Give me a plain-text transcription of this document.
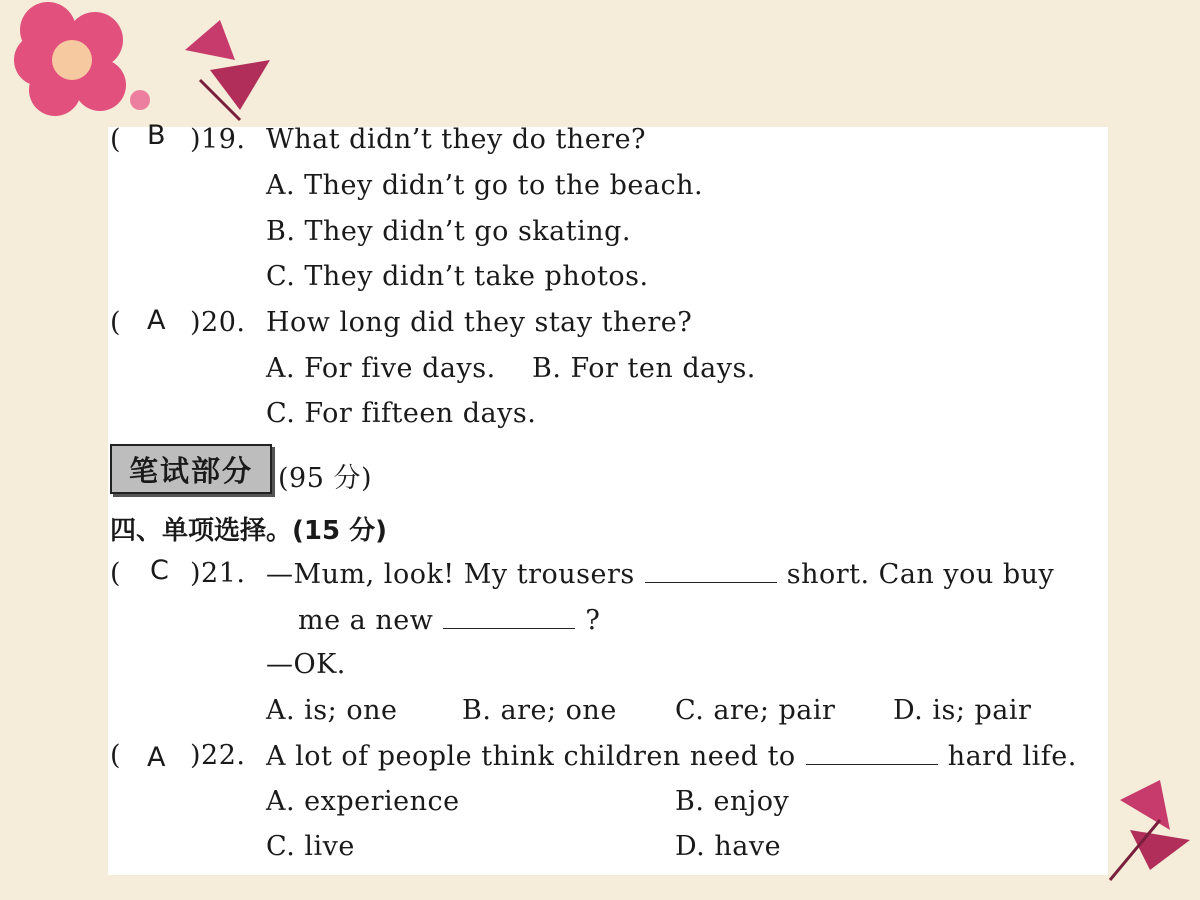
( B )19. What didn’t they do there?
A. They didn’t go to the beach.
B. They didn’t go skating.
C. They didn’t take photos.
( A )20. How long did they stay there?
A. For five days.    B. For ten days.
C. For fifteen days.
笔试部分 (95 分)
四、单项选择。(15 分)
( C )21. —Mum, look! My trousers	short. Can you buy
me a new	?
—OK.
A. is; one B. are; one C. are; pair D. is; pair
( A )22. A lot of people think children need to	hard life.
A. experience	B. enjoy
C. live	D. have
